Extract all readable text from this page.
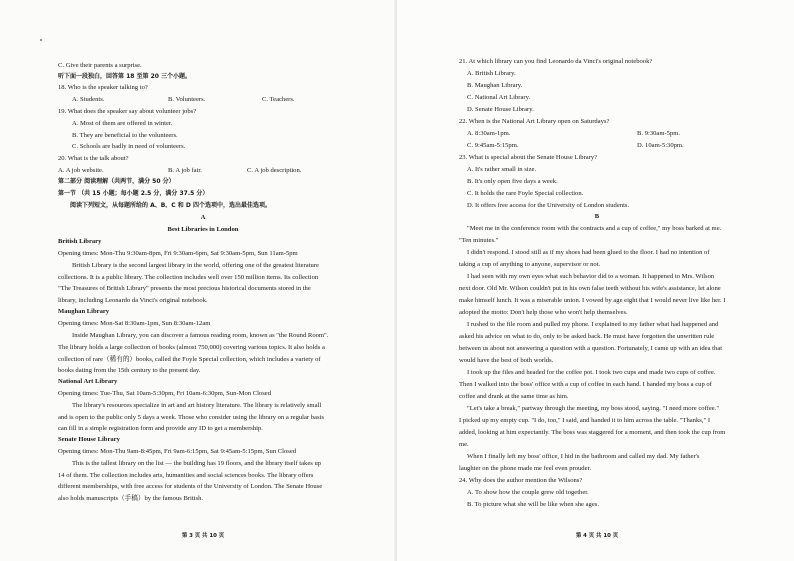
C. Give their parents a surprise.
听下面一段独白，回答第 18 至第 20 三个小题。
18. Who is the speaker talking to?
A. Students.	B. Volunteers.	C. Teachers.
19. What does the speaker say about volunteer jobs?
A. Most of them are offered in winter.
B. They are beneficial to the volunteers.
C. Schools are badly in need of volunteers.
20. What is the talk about?
A. A job website.	B. A job fair.	C. A job description.
第二部分 阅读理解（共两节，满分 50 分）
第一节 （共 15 小题；每小题 2.5 分，满分 37.5 分）
阅读下列短文，从每题所给的 A、B、C 和 D 四个选项中，选出最佳选项。
A
Best Libraries in London
British Library
Opening times: Mon-Thu 9:30am-8pm, Fri 9:30am-6pm, Sat 9:30am-5pm, Sun 11am-5pm
British Library is the second largest library in the world, offering one of the greatest literature
collections. It is a public library. The collection includes well over 150 million items. Its collection
"The Treasures of British Library" presents the most precious historical documents stored in the
library, including Leonardo da Vinci's original notebook.
Maughan Library
Opening times: Mon-Sat 8:30am-1pm, Sun 8:30am-12am
Inside Maughan Library, you can discover a famous reading room, known as "the Round Room".
The library holds a large collection of books (almost 750,000) covering various topics. It also holds a
collection of rare（稀有的）books, called the Foyle Special collection, which includes a variety of
books dating from the 15th century to the present day.
National Art Library
Opening times: Tue-Thu, Sat 10am-5:30pm, Fri 10am-6:30pm, Sun-Mon Closed
The library's resources specialize in art and art history literature. The library is relatively small
and is open to the public only 5 days a week. Those who consider using the library on a regular basis
can fill in a simple registration form and provide any ID to get a membership.
Senate House Library
Opening times: Mon-Thu 9am-8:45pm, Fri 9am-6:15pm, Sat 9:45am-5:15pm, Sun Closed
This is the tallest library on the list — the building has 19 floors, and the library itself takes up
14 of them. The collection includes arts, humanities and social sciences books. The library offers
different memberships, with free access for students of the University of London. The Senate House
also holds manuscripts（手稿）by the famous British.
第 3 页 共 10 页
21. At which library can you find Leonardo da Vinci's original notebook?
A. British Library.
B. Maughan Library.
C. National Art Library.
D. Senate House Library.
22. When is the National Art Library open on Saturdays?
A. 8:30am-1pm.	B. 9:30am-5pm.
C. 9:45am-5:15pm.	D. 10am-5:30pm.
23. What is special about the Senate House Library?
A. It's rather small in size.
B. It's only open five days a week.
C. It holds the rare Foyle Special collection.
D. It offers free access for the University of London students.
B
"Meet me in the conference room with the contracts and a cup of coffee," my boss barked at me.
"Ten minutes."
I didn't respond. I stood still as if my shoes had been glued to the floor. I had no intention of
taking a cup of anything to anyone, supervisor or not.
I had seen with my own eyes what such behavior did to a woman. It happened to Mrs. Wilson
next door. Old Mr. Wilson couldn't put in his own false teeth without his wife's assistance, let alone
make himself lunch. It was a miserable union. I vowed by age eight that I would never live like her. I
adopted the motto: Don't help those who won't help themselves.
I rushed to the file room and pulled my phone. I explained to my father what had happened and
asked his advice on what to do, only to be asked back. He must have forgotten the unwritten rule
between us about not answering a question with a question. Fortunately, I came up with an idea that
would have the best of both worlds.
I took up the files and headed for the coffee pot. I took two cups and made two cups of coffee.
Then I walked into the boss' office with a cup of coffee in each hand. I handed my boss a cup of
coffee and drank at the same time as him.
"Let's take a break," partway through the meeting, my boss stood, saying. "I need more coffee."
I picked up my empty cup. "I do, too," I said, and handed it to him across the table. "Thanks," I
added, looking at him expectantly. The boss was staggered for a moment, and then took the cup from
me.
When I finally left my boss' office, I hid in the bathroom and called my dad. My father's
laughter on the phone made me feel even prouder.
24. Why does the author mention the Wilsons?
A. To show how the couple grew old together.
B. To picture what she will be like when she ages.
第 4 页 共 10 页
